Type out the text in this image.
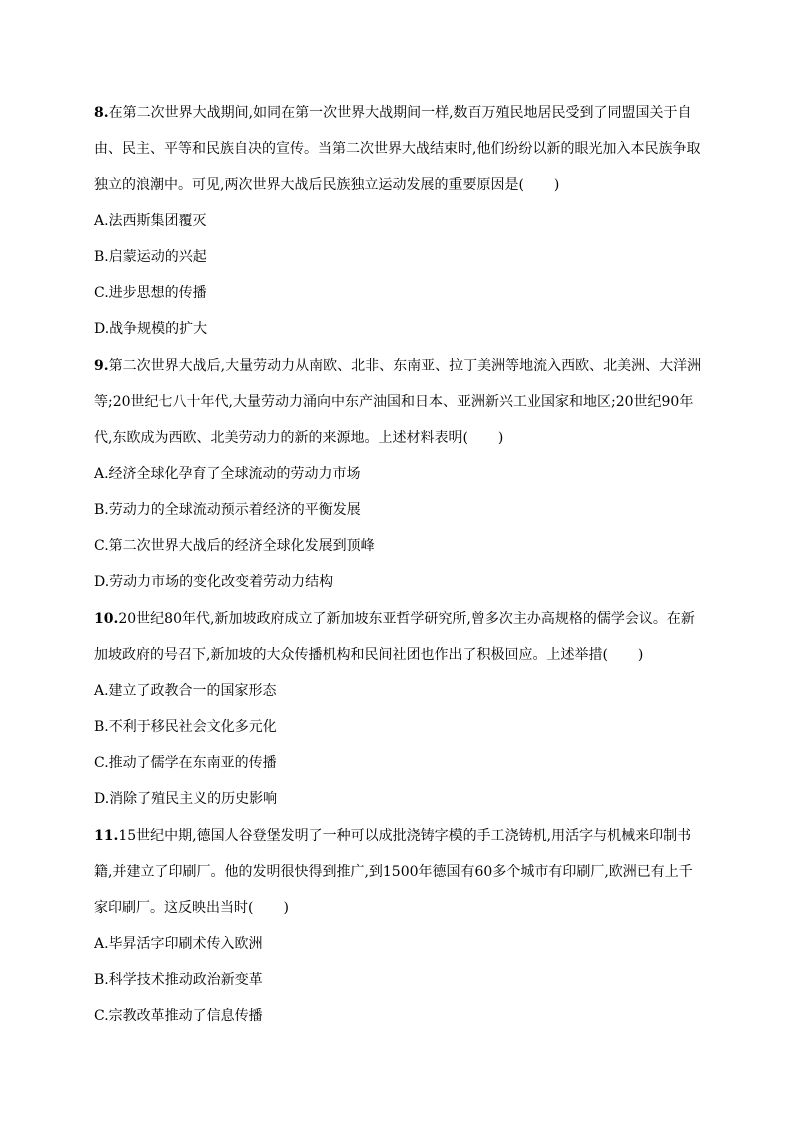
8.在第二次世界大战期间,如同在第一次世界大战期间一样,数百万殖民地居民受到了同盟国关于自由、民主、平等和民族自决的宣传。当第二次世界大战结束时,他们纷纷以新的眼光加入本民族争取独立的浪潮中。可见,两次世界大战后民族独立运动发展的重要原因是( )
A.法西斯集团覆灭
B.启蒙运动的兴起
C.进步思想的传播
D.战争规模的扩大
9.第二次世界大战后,大量劳动力从南欧、北非、东南亚、拉丁美洲等地流入西欧、北美洲、大洋洲等;20世纪七八十年代,大量劳动力涌向中东产油国和日本、亚洲新兴工业国家和地区;20世纪90年代,东欧成为西欧、北美劳动力的新的来源地。上述材料表明( )
A.经济全球化孕育了全球流动的劳动力市场
B.劳动力的全球流动预示着经济的平衡发展
C.第二次世界大战后的经济全球化发展到顶峰
D.劳动力市场的变化改变着劳动力结构
10.20世纪80年代,新加坡政府成立了新加坡东亚哲学研究所,曾多次主办高规格的儒学会议。在新加坡政府的号召下,新加坡的大众传播机构和民间社团也作出了积极回应。上述举措( )
A.建立了政教合一的国家形态
B.不利于移民社会文化多元化
C.推动了儒学在东南亚的传播
D.消除了殖民主义的历史影响
11.15世纪中期,德国人谷登堡发明了一种可以成批浇铸字模的手工浇铸机,用活字与机械来印制书籍,并建立了印刷厂。他的发明很快得到推广,到1500年德国有60多个城市有印刷厂,欧洲已有上千家印刷厂。这反映出当时( )
A.毕昇活字印刷术传入欧洲
B.科学技术推动政治新变革
C.宗教改革推动了信息传播
